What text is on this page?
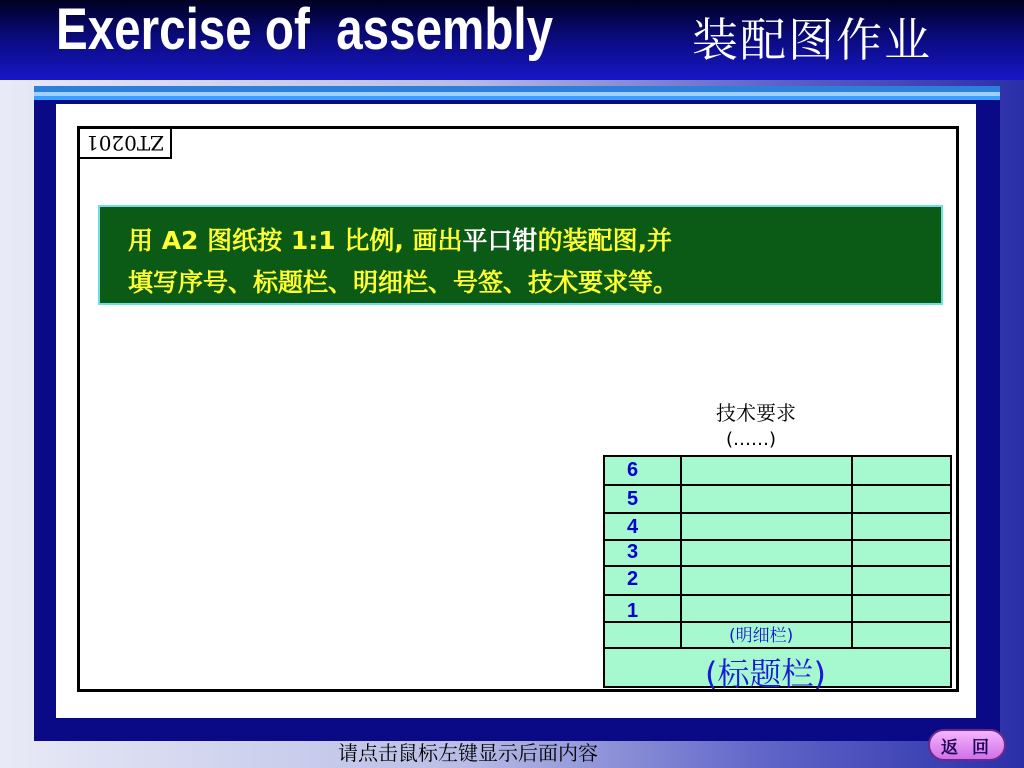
Exercise of  assembly	装配图作业
ZT0201
用 A2 图纸按 1:1 比例, 画出平口钳的装配图,并
填写序号、标题栏、明细栏、号签、技术要求等。
技术要求
(……)
6
5
4
3
2
1
(明细栏)
(标题栏)
请点击鼠标左键显示后面内容	返 回
